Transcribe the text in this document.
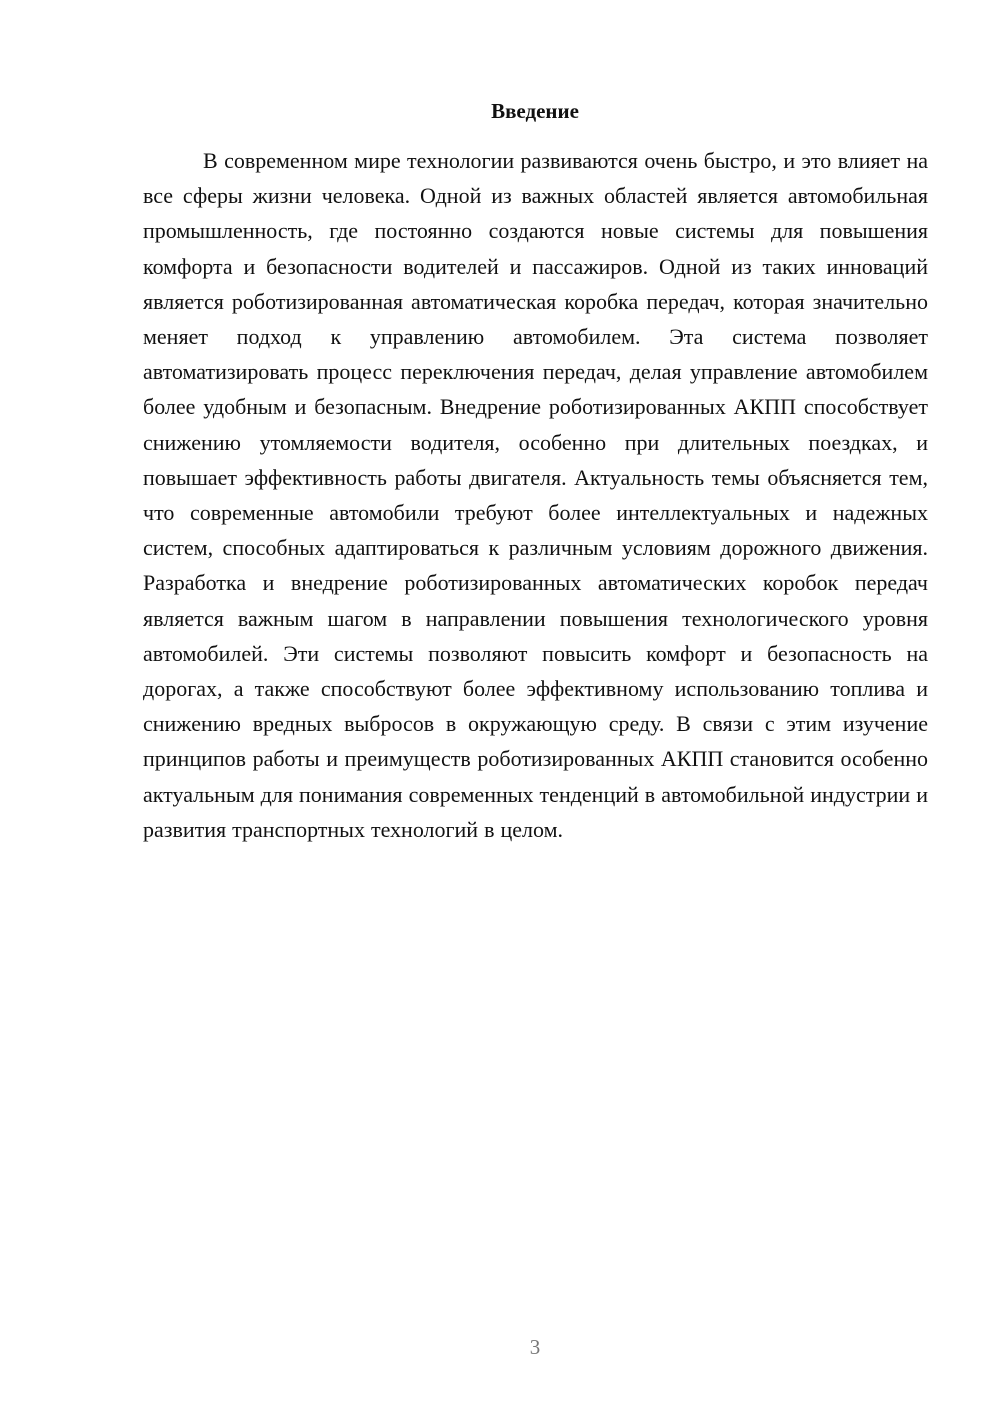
Введение

В современном мире технологии развиваются очень быстро, и это влияет на все сферы жизни человека. Одной из важных областей является автомобильная промышленность, где постоянно создаются новые системы для повышения комфорта и безопасности водителей и пассажиров. Одной из таких инноваций является роботизированная автоматическая коробка передач, которая значительно меняет подход к управлению автомобилем. Эта система позволяет автоматизировать процесс переключения передач, делая управление автомобилем более удобным и безопасным. Внедрение роботизированных АКПП способствует снижению утомляемости водителя, особенно при длительных поездках, и повышает эффективность работы двигателя. Актуальность темы объясняется тем, что современные автомобили требуют более интеллектуальных и надежных систем, способных адаптироваться к различным условиям дорожного движения. Разработка и внедрение роботизированных автоматических коробок передач является важным шагом в направлении повышения технологического уровня автомобилей. Эти системы позволяют повысить комфорт и безопасность на дорогах, а также способствуют более эффективному использованию топлива и снижению вредных выбросов в окружающую среду. В связи с этим изучение принципов работы и преимуществ роботизированных АКПП становится особенно актуальным для понимания современных тенденций в автомобильной индустрии и развития транспортных технологий в целом.

3
